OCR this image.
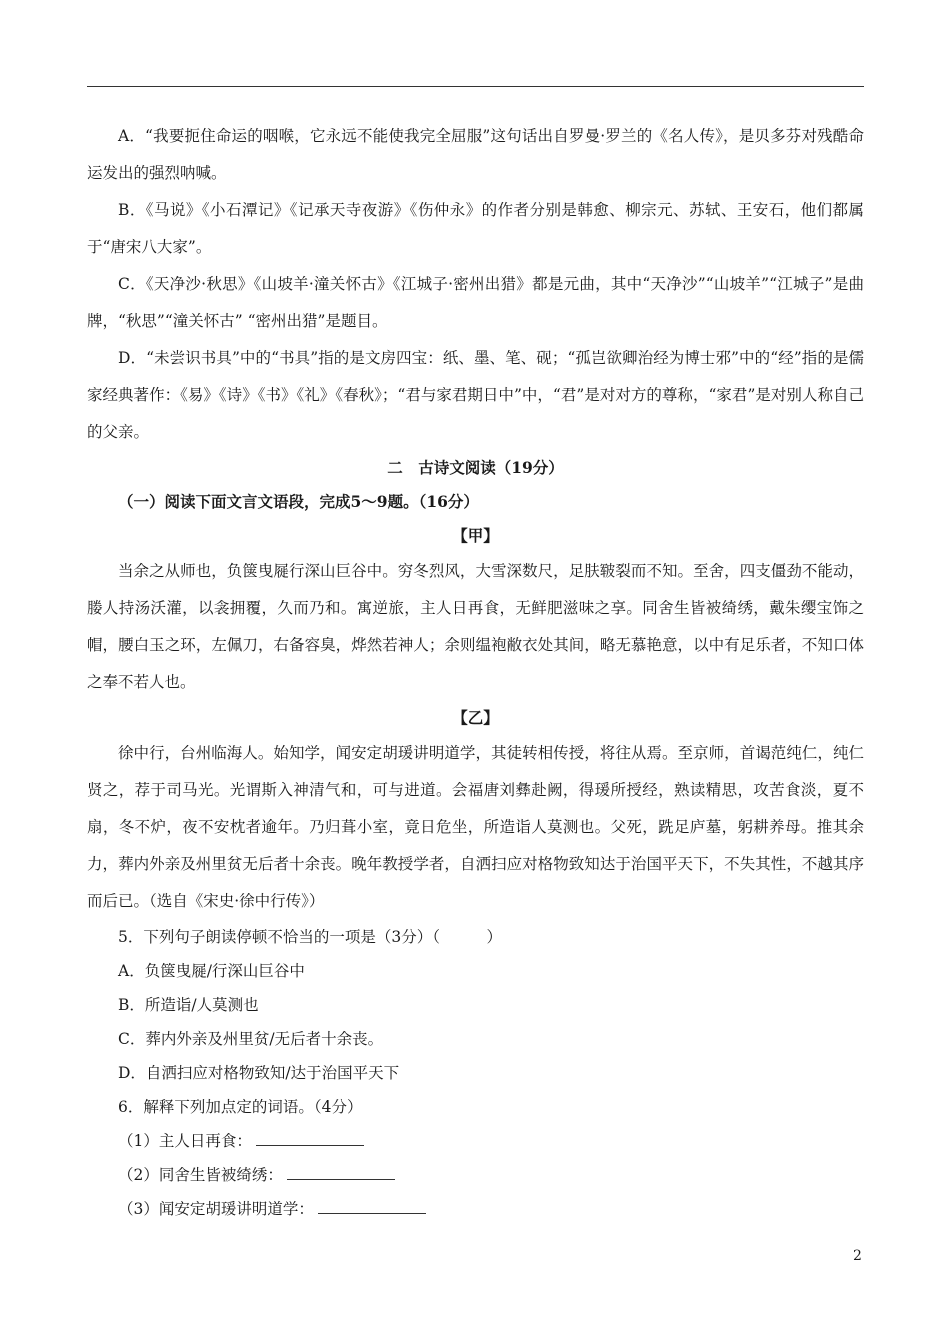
A．“我要扼住命运的咽喉，它永远不能使我完全屈服”这句话出自罗曼·罗兰的《名人传》，是贝多芬对残酷命运发出的强烈呐喊。

B．《马说》《小石潭记》《记承天寺夜游》《伤仲永》的作者分别是韩愈、柳宗元、苏轼、王安石，他们都属于“唐宋八大家”。

C．《天净沙·秋思》《山坡羊·潼关怀古》《江城子·密州出猎》都是元曲，其中“天净沙”“山坡羊”“江城子”是曲牌，“秋思”“潼关怀古” “密州出猎”是题目。

D．“未尝识书具”中的“书具”指的是文房四宝：纸、墨、笔、砚；“孤岂欲卿治经为博士邪”中的“经”指的是儒家经典著作：《易》《诗》《书》《礼》《春秋》；“君与家君期日中”中，“君”是对对方的尊称，“家君”是对别人称自己的父亲。

二　古诗文阅读（19分）

（一）阅读下面文言文语段，完成5～9题。（16分）

【甲】

当余之从师也，负箧曳屣行深山巨谷中。穷冬烈风，大雪深数尺，足肤皲裂而不知。至舍，四支僵劲不能动，媵人持汤沃灌，以衾拥覆，久而乃和。寓逆旅，主人日再食，无鲜肥滋味之享。同舍生皆被绮绣，戴朱缨宝饰之帽，腰白玉之环，左佩刀，右备容臭，烨然若神人；余则缊袍敝衣处其间，略无慕艳意，以中有足乐者，不知口体之奉不若人也。

【乙】

徐中行，台州临海人。始知学，闻安定胡瑗讲明道学，其徒转相传授，将往从焉。至京师，首谒范纯仁，纯仁贤之，荐于司马光。光谓斯入神清气和，可与进道。会福唐刘彝赴阙，得瑗所授经，熟读精思，攻苦食淡，夏不扇，冬不炉，夜不安枕者逾年。乃归葺小室，竟日危坐，所造诣人莫测也。父死，跣足庐墓，躬耕养母。推其余力，葬内外亲及州里贫无后者十余丧。晚年教授学者，自洒扫应对格物致知达于治国平天下，不失其性，不越其序而后已。（选自《宋史·徐中行传》）

5．下列句子朗读停顿不恰当的一项是（3分）（　　　）

A．负箧曳屣/行深山巨谷中

B．所造诣/人莫测也

C．葬内外亲及州里贫/无后者十余丧。

D．自洒扫应对格物致知/达于治国平天下

6．解释下列加点定的词语。（4分）

（1）主人日再食：

（2）同舍生皆被绮绣：

（3）闻安定胡瑗讲明道学：

2
